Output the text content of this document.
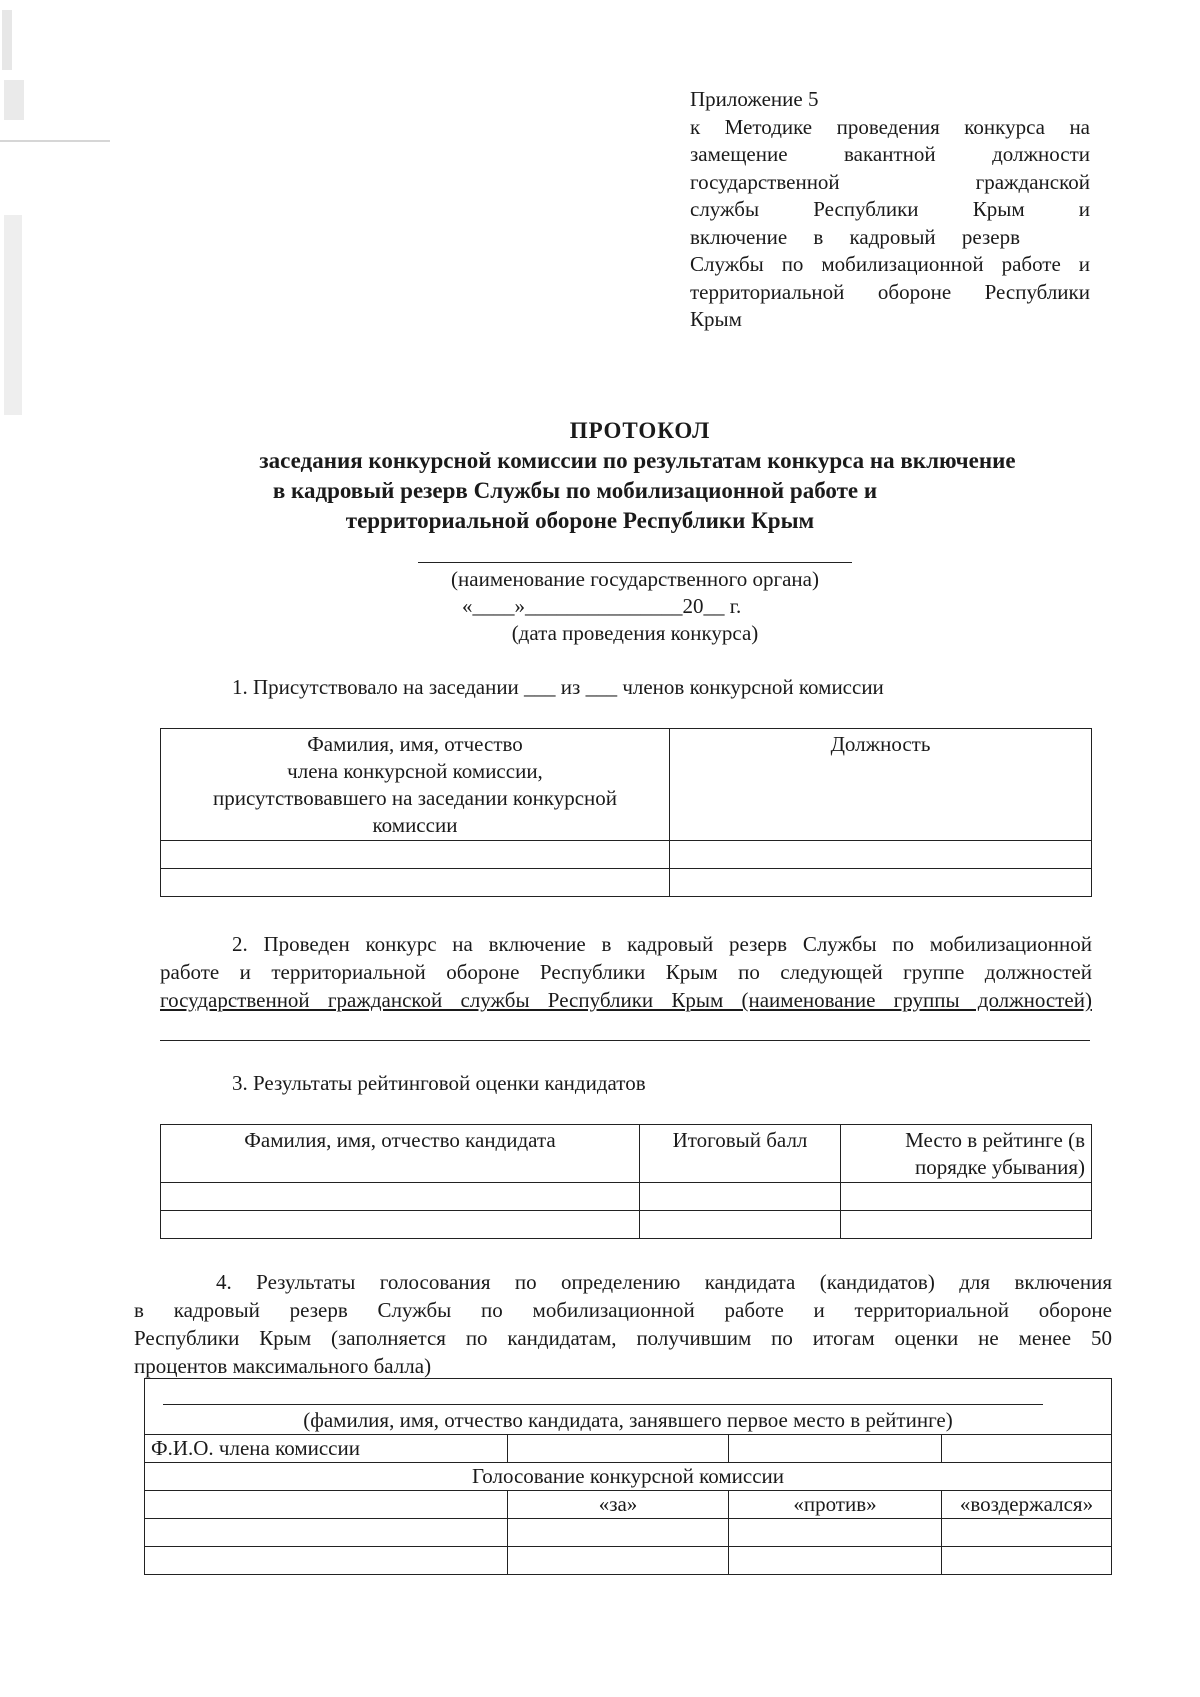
Приложение 5
к Методике проведения конкурса на
замещение вакантной должности
государственной гражданской
службы Республики Крым и
включение в кадровый резерв
Службы по мобилизационной работе и
территориальной обороне Республики
Крым
ПРОТОКОЛ
заседания конкурсной комиссии по результатам конкурса на включение
в кадровый резерв Службы по мобилизационной работе и
территориальной обороне Республики Крым
(наименование государственного органа)
«____»_______________20__ г.
(дата проведения конкурса)
1. Присутствовало на заседании ___ из ___ членов конкурсной комиссии
Фамилия, имя, отчество
члена конкурсной комиссии,
присутствовавшего на заседании конкурсной
комиссии	Должность

2. Проведен конкурс на включение в кадровый резерв Службы по мобилизационной
работе и территориальной обороне Республики Крым по следующей группе должностей
государственной гражданской службы Республики Крым (наименование группы должностей)
3. Результаты рейтинговой оценки кандидатов
Фамилия, имя, отчество кандидата	Итоговый балл	Место в рейтинге (в
порядке убывания)

4. Результаты голосования по определению кандидата (кандидатов) для включения
в кадровый резерв Службы по мобилизационной работе и территориальной обороне
Республики Крым (заполняется по кандидатам, получившим по итогам оценки не менее 50
процентов максимального балла)
(фамилия, имя, отчество кандидата, занявшего первое место в рейтинге)			

Ф.И.О. члена комиссии			
Голосование конкурсной комиссии			
	«за»	«против»	«воздержался»
